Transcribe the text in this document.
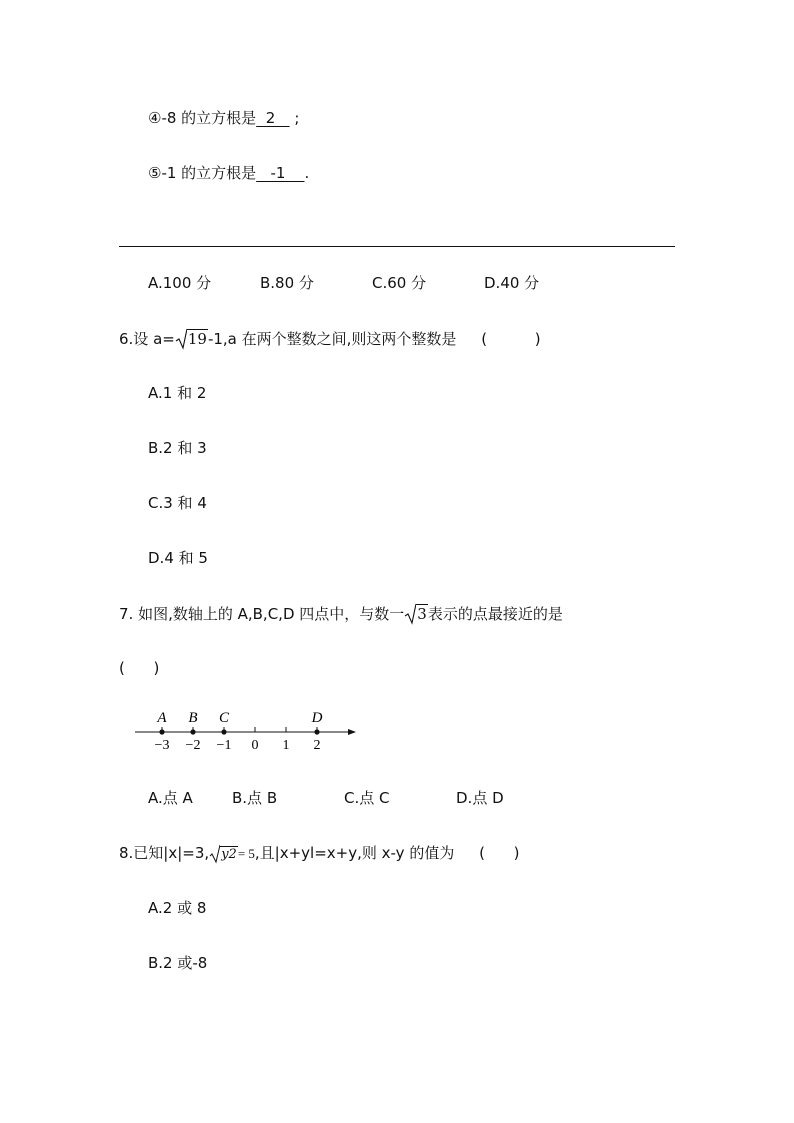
④-8 的立方根是  2    ;
⑤-1 的立方根是   -1    .
A.100 分	B.80 分	C.60 分	D.40 分
6.设 a= 19-1,a 在两个整数之间,则这两个整数是 (          )
A.1 和 2
B.2 和 3
C.3 和 4
D.4 和 5
7. 如图,数轴上的 A,B,C,D 四点中，与数一 3表示的点最接近的是
(      )
−3 −2 −1 0 1 2
A B C	D
A.点 A	B.点 B	C.点 C	D.点 D
8.已知|x|=3, y2= 5,且|x+yl=x+y,则 x-y 的值为 (      )
A.2 或 8
B.2 或-8
